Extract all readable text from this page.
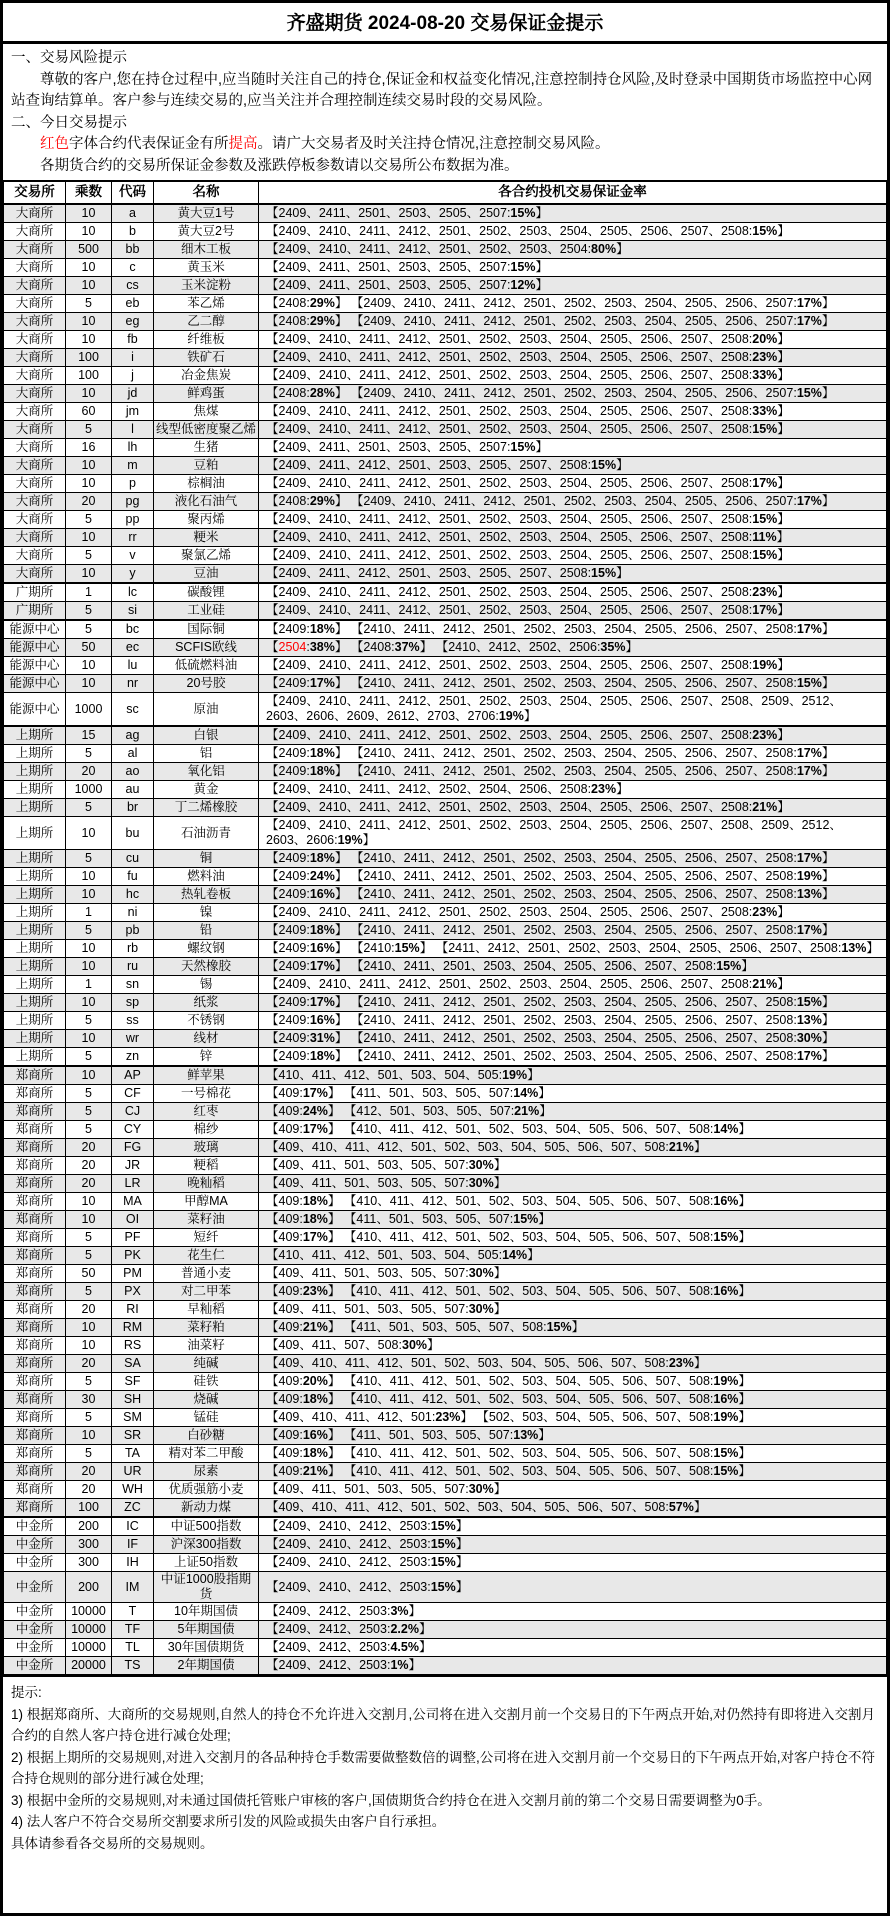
齐盛期货 2024-08-20 交易保证金提示
一、交易风险提示
尊敬的客户,您在持仓过程中,应当随时关注自己的持仓,保证金和权益变化情况,注意控制持仓风险,及时登录中国期货市场监控中心网站查询结算单。客户参与连续交易的,应当关注并合理控制连续交易时段的交易风险。
二、今日交易提示
红色字体合约代表保证金有所提高。请广大交易者及时关注持仓情况,注意控制交易风险。
各期货合约的交易所保证金参数及涨跌停板参数请以交易所公布数据为准。
交易所	乘数	代码	名称	各合约投机交易保证金率
大商所	10	a	黄大豆1号	【2409、2411、2501、2503、2505、2507:15%】
大商所	10	b	黄大豆2号	【2409、2410、2411、2412、2501、2502、2503、2504、2505、2506、2507、2508:15%】
大商所	500	bb	细木工板	【2409、2410、2411、2412、2501、2502、2503、2504:80%】
大商所	10	c	黄玉米	【2409、2411、2501、2503、2505、2507:15%】
大商所	10	cs	玉米淀粉	【2409、2411、2501、2503、2505、2507:12%】
大商所	5	eb	苯乙烯	【2408:29%】 【2409、2410、2411、2412、2501、2502、2503、2504、2505、2506、2507:17%】
大商所	10	eg	乙二醇	【2408:29%】 【2409、2410、2411、2412、2501、2502、2503、2504、2505、2506、2507:17%】
大商所	10	fb	纤维板	【2409、2410、2411、2412、2501、2502、2503、2504、2505、2506、2507、2508:20%】
大商所	100	i	铁矿石	【2409、2410、2411、2412、2501、2502、2503、2504、2505、2506、2507、2508:23%】
大商所	100	j	冶金焦炭	【2409、2410、2411、2412、2501、2502、2503、2504、2505、2506、2507、2508:33%】
大商所	10	jd	鲜鸡蛋	【2408:28%】 【2409、2410、2411、2412、2501、2502、2503、2504、2505、2506、2507:15%】
大商所	60	jm	焦煤	【2409、2410、2411、2412、2501、2502、2503、2504、2505、2506、2507、2508:33%】
大商所	5	l	线型低密度聚乙烯	【2409、2410、2411、2412、2501、2502、2503、2504、2505、2506、2507、2508:15%】
大商所	16	lh	生猪	【2409、2411、2501、2503、2505、2507:15%】
大商所	10	m	豆粕	【2409、2411、2412、2501、2503、2505、2507、2508:15%】
大商所	10	p	棕榈油	【2409、2410、2411、2412、2501、2502、2503、2504、2505、2506、2507、2508:17%】
大商所	20	pg	液化石油气	【2408:29%】 【2409、2410、2411、2412、2501、2502、2503、2504、2505、2506、2507:17%】
大商所	5	pp	聚丙烯	【2409、2410、2411、2412、2501、2502、2503、2504、2505、2506、2507、2508:15%】
大商所	10	rr	粳米	【2409、2410、2411、2412、2501、2502、2503、2504、2505、2506、2507、2508:11%】
大商所	5	v	聚氯乙烯	【2409、2410、2411、2412、2501、2502、2503、2504、2505、2506、2507、2508:15%】
大商所	10	y	豆油	【2409、2411、2412、2501、2503、2505、2507、2508:15%】
广期所	1	lc	碳酸锂	【2409、2410、2411、2412、2501、2502、2503、2504、2505、2506、2507、2508:23%】
广期所	5	si	工业硅	【2409、2410、2411、2412、2501、2502、2503、2504、2505、2506、2507、2508:17%】
能源中心	5	bc	国际铜	【2409:18%】 【2410、2411、2412、2501、2502、2503、2504、2505、2506、2507、2508:17%】
能源中心	50	ec	SCFIS欧线	【2504:38%】 【2408:37%】 【2410、2412、2502、2506:35%】
能源中心	10	lu	低硫燃料油	【2409、2410、2411、2412、2501、2502、2503、2504、2505、2506、2507、2508:19%】
能源中心	10	nr	20号胶	【2409:17%】 【2410、2411、2412、2501、2502、2503、2504、2505、2506、2507、2508:15%】
能源中心	1000	sc	原油	【2409、2410、2411、2412、2501、2502、2503、2504、2505、2506、2507、2508、2509、2512、2603、2606、2609、2612、2703、2706:19%】
上期所	15	ag	白银	【2409、2410、2411、2412、2501、2502、2503、2504、2505、2506、2507、2508:23%】
上期所	5	al	铝	【2409:18%】 【2410、2411、2412、2501、2502、2503、2504、2505、2506、2507、2508:17%】
上期所	20	ao	氧化铝	【2409:18%】 【2410、2411、2412、2501、2502、2503、2504、2505、2506、2507、2508:17%】
上期所	1000	au	黄金	【2409、2410、2411、2412、2502、2504、2506、2508:23%】
上期所	5	br	丁二烯橡胶	【2409、2410、2411、2412、2501、2502、2503、2504、2505、2506、2507、2508:21%】
上期所	10	bu	石油沥青	【2409、2410、2411、2412、2501、2502、2503、2504、2505、2506、2507、2508、2509、2512、2603、2606:19%】
上期所	5	cu	铜	【2409:18%】 【2410、2411、2412、2501、2502、2503、2504、2505、2506、2507、2508:17%】
上期所	10	fu	燃料油	【2409:24%】 【2410、2411、2412、2501、2502、2503、2504、2505、2506、2507、2508:19%】
上期所	10	hc	热轧卷板	【2409:16%】 【2410、2411、2412、2501、2502、2503、2504、2505、2506、2507、2508:13%】
上期所	1	ni	镍	【2409、2410、2411、2412、2501、2502、2503、2504、2505、2506、2507、2508:23%】
上期所	5	pb	铅	【2409:18%】 【2410、2411、2412、2501、2502、2503、2504、2505、2506、2507、2508:17%】
上期所	10	rb	螺纹钢	【2409:16%】 【2410:15%】 【2411、2412、2501、2502、2503、2504、2505、2506、2507、2508:13%】
上期所	10	ru	天然橡胶	【2409:17%】 【2410、2411、2501、2503、2504、2505、2506、2507、2508:15%】
上期所	1	sn	锡	【2409、2410、2411、2412、2501、2502、2503、2504、2505、2506、2507、2508:21%】
上期所	10	sp	纸浆	【2409:17%】 【2410、2411、2412、2501、2502、2503、2504、2505、2506、2507、2508:15%】
上期所	5	ss	不锈钢	【2409:16%】 【2410、2411、2412、2501、2502、2503、2504、2505、2506、2507、2508:13%】
上期所	10	wr	线材	【2409:31%】 【2410、2411、2412、2501、2502、2503、2504、2505、2506、2507、2508:30%】
上期所	5	zn	锌	【2409:18%】 【2410、2411、2412、2501、2502、2503、2504、2505、2506、2507、2508:17%】
郑商所	10	AP	鲜苹果	【410、411、412、501、503、504、505:19%】
郑商所	5	CF	一号棉花	【409:17%】 【411、501、503、505、507:14%】
郑商所	5	CJ	红枣	【409:24%】 【412、501、503、505、507:21%】
郑商所	5	CY	棉纱	【409:17%】 【410、411、412、501、502、503、504、505、506、507、508:14%】
郑商所	20	FG	玻璃	【409、410、411、412、501、502、503、504、505、506、507、508:21%】
郑商所	20	JR	粳稻	【409、411、501、503、505、507:30%】
郑商所	20	LR	晚籼稻	【409、411、501、503、505、507:30%】
郑商所	10	MA	甲醇MA	【409:18%】 【410、411、412、501、502、503、504、505、506、507、508:16%】
郑商所	10	OI	菜籽油	【409:18%】 【411、501、503、505、507:15%】
郑商所	5	PF	短纤	【409:17%】 【410、411、412、501、502、503、504、505、506、507、508:15%】
郑商所	5	PK	花生仁	【410、411、412、501、503、504、505:14%】
郑商所	50	PM	普通小麦	【409、411、501、503、505、507:30%】
郑商所	5	PX	对二甲苯	【409:23%】 【410、411、412、501、502、503、504、505、506、507、508:16%】
郑商所	20	RI	早籼稻	【409、411、501、503、505、507:30%】
郑商所	10	RM	菜籽粕	【409:21%】 【411、501、503、505、507、508:15%】
郑商所	10	RS	油菜籽	【409、411、507、508:30%】
郑商所	20	SA	纯碱	【409、410、411、412、501、502、503、504、505、506、507、508:23%】
郑商所	5	SF	硅铁	【409:20%】 【410、411、412、501、502、503、504、505、506、507、508:19%】
郑商所	30	SH	烧碱	【409:18%】 【410、411、412、501、502、503、504、505、506、507、508:16%】
郑商所	5	SM	锰硅	【409、410、411、412、501:23%】 【502、503、504、505、506、507、508:19%】
郑商所	10	SR	白砂糖	【409:16%】 【411、501、503、505、507:13%】
郑商所	5	TA	精对苯二甲酸	【409:18%】 【410、411、412、501、502、503、504、505、506、507、508:15%】
郑商所	20	UR	尿素	【409:21%】 【410、411、412、501、502、503、504、505、506、507、508:15%】
郑商所	20	WH	优质强筋小麦	【409、411、501、503、505、507:30%】
郑商所	100	ZC	新动力煤	【409、410、411、412、501、502、503、504、505、506、507、508:57%】
中金所	200	IC	中证500指数	【2409、2410、2412、2503:15%】
中金所	300	IF	沪深300指数	【2409、2410、2412、2503:15%】
中金所	300	IH	上证50指数	【2409、2410、2412、2503:15%】
中金所	200	IM	中证1000股指期货	【2409、2410、2412、2503:15%】
中金所	10000	T	10年期国债	【2409、2412、2503:3%】
中金所	10000	TF	5年期国债	【2409、2412、2503:2.2%】
中金所	10000	TL	30年国债期货	【2409、2412、2503:4.5%】
中金所	20000	TS	2年期国债	【2409、2412、2503:1%】
提示:
1) 根据郑商所、大商所的交易规则,自然人的持仓不允许进入交割月,公司将在进入交割月前一个交易日的下午两点开始,对仍然持有即将进入交割月合约的自然人客户持仓进行减仓处理;
2) 根据上期所的交易规则,对进入交割月的各品种持仓手数需要做整数倍的调整,公司将在进入交割月前一个交易日的下午两点开始,对客户持仓不符合持仓规则的部分进行减仓处理;
3) 根据中金所的交易规则,对未通过国债托管账户审核的客户,国债期货合约持仓在进入交割月前的第二个交易日需要调整为0手。
4) 法人客户不符合交易所交割要求所引发的风险或损失由客户自行承担。
具体请参看各交易所的交易规则。
